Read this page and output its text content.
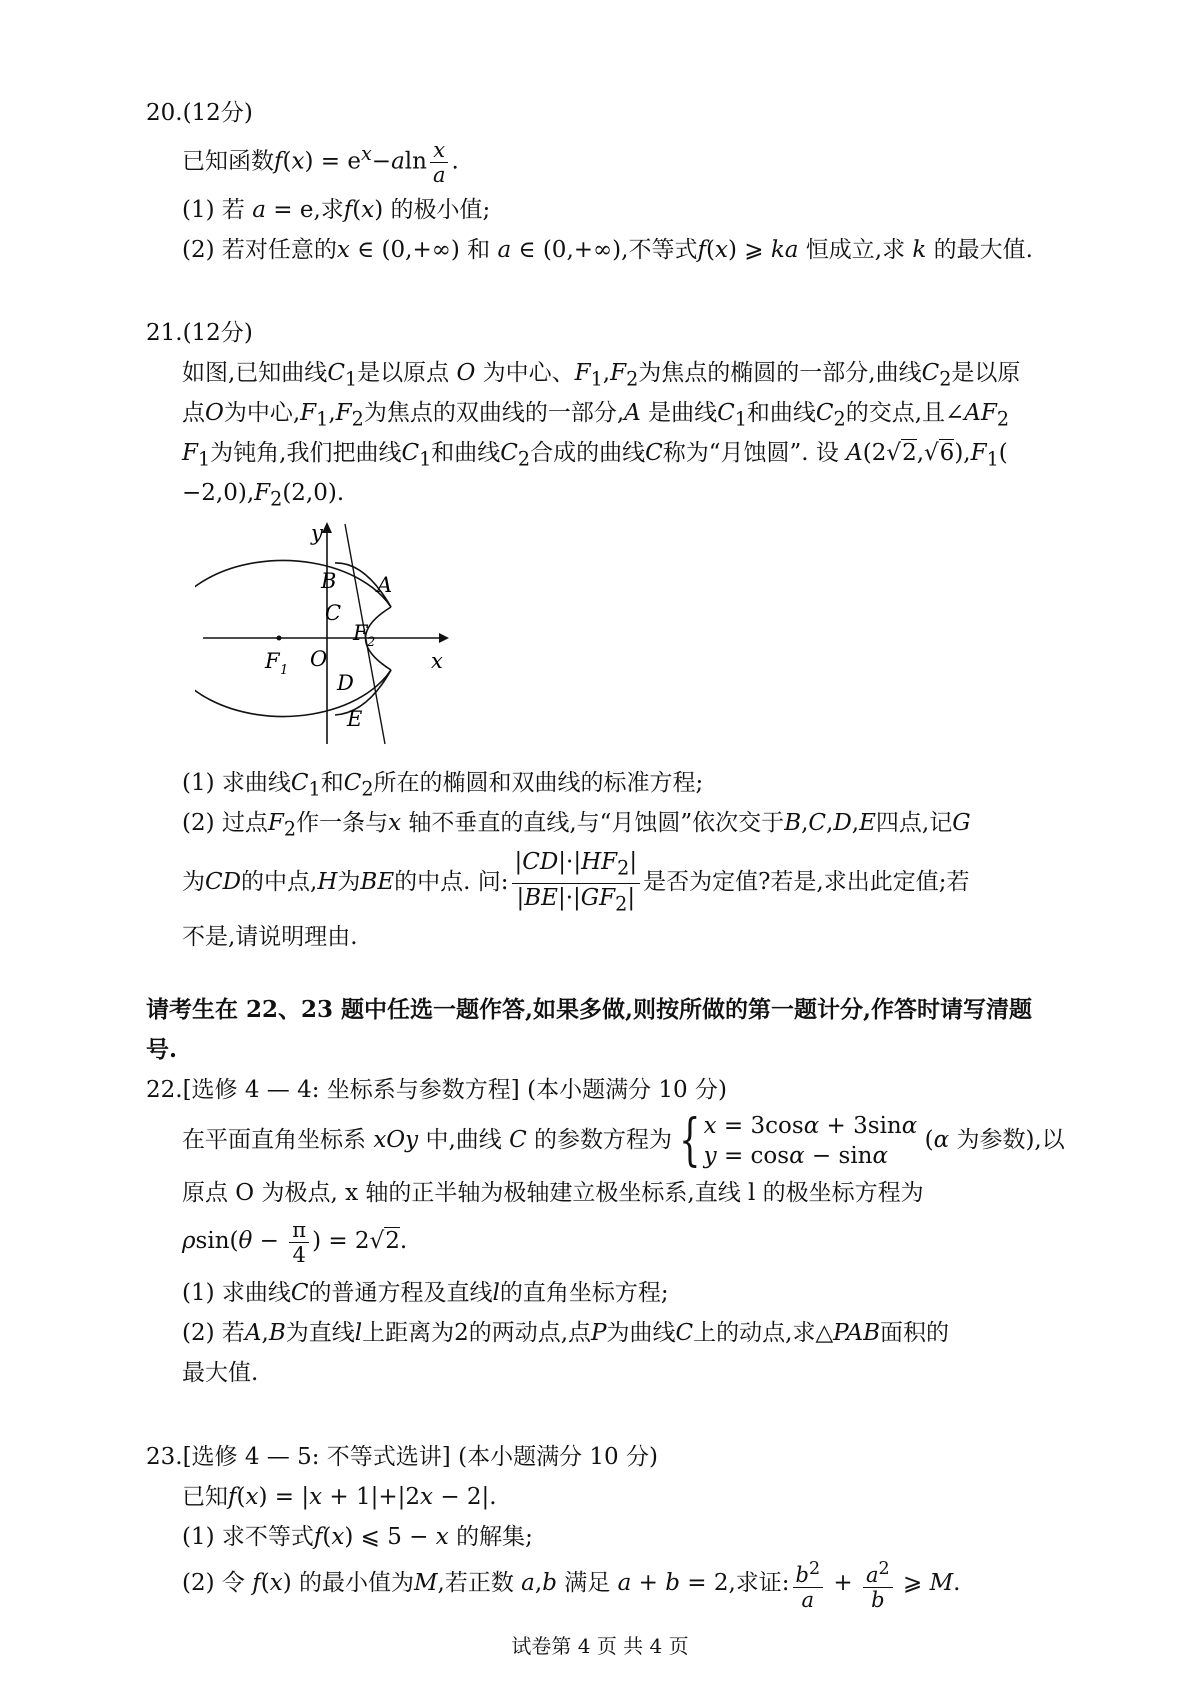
20.(12分)
已知函数$f(x) = e^x-aln \frac{x}{a}$ .
(1) 若 a = e,求f(x) 的极小值;
(2) 若对任意的x ∈ (0,+∞) 和 a ∈ (0,+∞),不等式f(x) ⩾ ka 恒成立,求 k 的最大值.
21.(12分)
如图,已知曲线$C_1$是以原点 O 为中心、$F_1,F_2$为焦点的椭圆的一部分,曲线$C_2$是以原
点O为中心$,F_1,F_2$为焦点的双曲线的一部分,A 是曲线$C_1$和曲线$C_2$的交点,且$\angle AF_2$
$F_1$为钝角,我们把曲线$C_1$和曲线$C_2$合成的曲线C称为“月蚀圆”. 设 $A(2√2,√6),F_1$(
$-2,0),F_2(2,0)$.
y
x
O
F 1
F 2
A
B
C
D
E
(1) 求曲线$C_1$和$C_2$所在的椭圆和双曲线的标准方程;
(2) 过点$F_2$作一条与x 轴不垂直的直线,与“月蚀圆”依次交于B,C,D,E四点,记G
为CD的中点,H为BE的中点. 问: $\frac{|CD|\cdot|HF_2|}{|BE|\cdot|GF_2|}$ 是否为定值?若是,求出此定值;若
不是,请说明理由.
请考生在 22、23 题中任选一题作答,如果多做,则按所做的第一题计分,作答时请写清题
号.
22.[选修 4 — 4: 坐标系与参数方程] (本小题满分 10 分)
在平面直角坐标系 xOy 中,曲线 C 的参数方程为 { x = 3cosα + 3sinα
y = cosα − sinα
(α 为参数),以
原点 O 为极点, x 轴的正半轴为极轴建立极坐标系,直线 l 的极坐标方程为
$\rho\sin(\theta - \frac{\pi}{4}$ ) = 2√2.
(1) 求曲线C的普通方程及直线l的直角坐标方程;
(2) 若A,B为直线l上距离为2的两动点,点P为曲线C上的动点,求△PAB面积的
最大值.
23.[选修 4 — 5: 不等式选讲] (本小题满分 10 分)
已知f(x) = |x + 1|+|2x − 2|.
(1) 求不等式f(x) ⩽ 5 − x 的解集;
(2) 令 f(x) 的最小值为M,若正数 a,b 满足 a + b = 2,求证: $\frac{b^2}{a} + \frac{a^2}{b}$ ⩾ M.
试卷第 4 页 共 4 页
